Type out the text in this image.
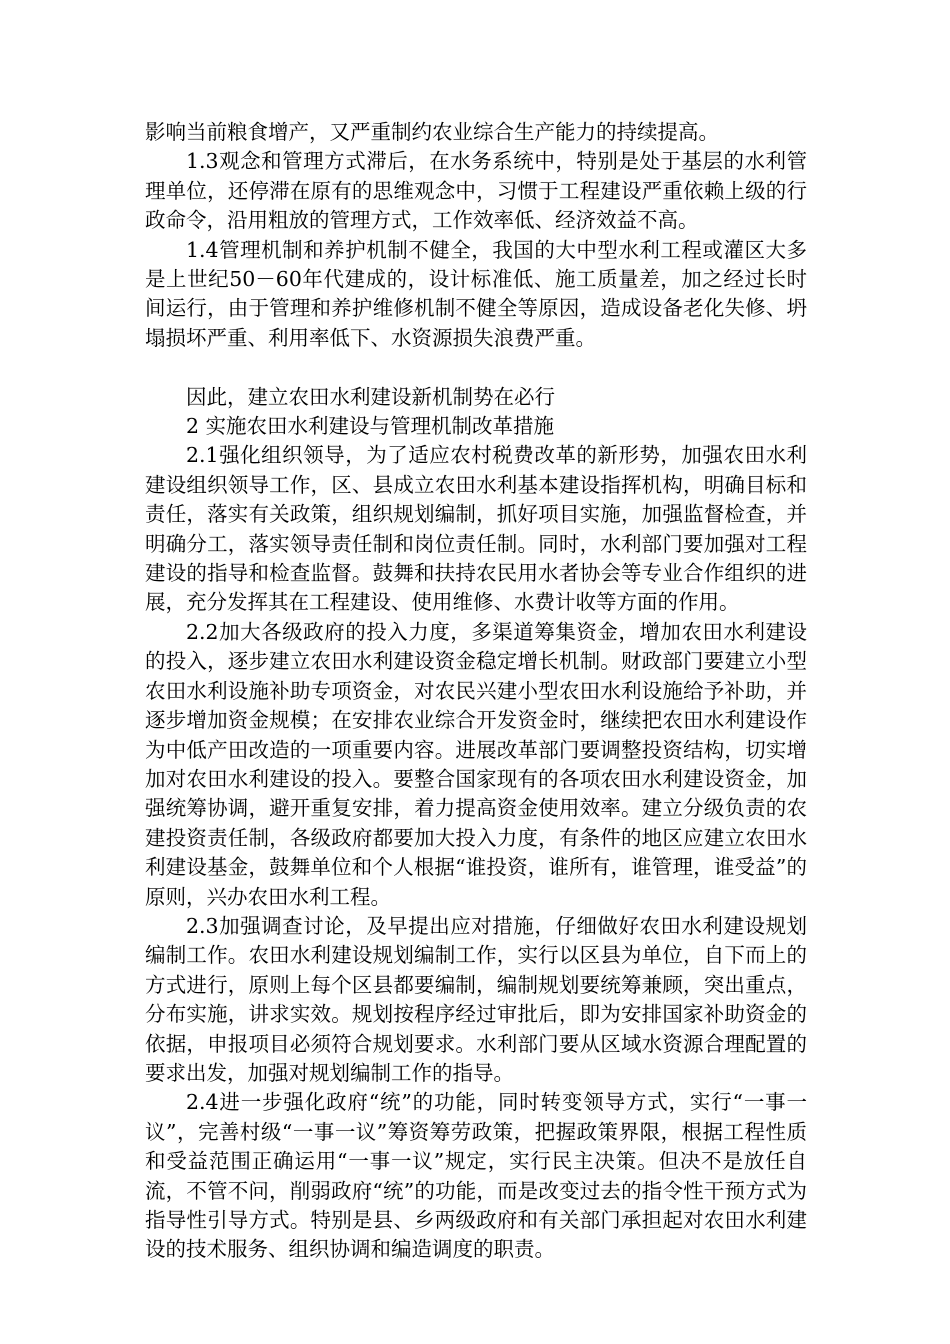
影响当前粮食增产，又严重制约农业综合生产能力的持续提高。

1.3观念和管理方式滞后，在水务系统中，特别是处于基层的水利管理单位，还停滞在原有的思维观念中，习惯于工程建设严重依赖上级的行政命令，沿用粗放的管理方式，工作效率低、经济效益不高。

1.4管理机制和养护机制不健全，我国的大中型水利工程或灌区大多是上世纪50－60年代建成的，设计标准低、施工质量差，加之经过长时间运行，由于管理和养护维修机制不健全等原因，造成设备老化失修、坍塌损坏严重、利用率低下、水资源损失浪费严重。

因此，建立农田水利建设新机制势在必行

2 实施农田水利建设与管理机制改革措施

2.1强化组织领导，为了适应农村税费改革的新形势，加强农田水利建设组织领导工作，区、县成立农田水利基本建设指挥机构，明确目标和责任，落实有关政策，组织规划编制，抓好项目实施，加强监督检查，并明确分工，落实领导责任制和岗位责任制。同时，水利部门要加强对工程建设的指导和检查监督。鼓舞和扶持农民用水者协会等专业合作组织的进展，充分发挥其在工程建设、使用维修、水费计收等方面的作用。

2.2加大各级政府的投入力度，多渠道筹集资金，增加农田水利建设的投入，逐步建立农田水利建设资金稳定增长机制。财政部门要建立小型农田水利设施补助专项资金，对农民兴建小型农田水利设施给予补助，并逐步增加资金规模；在安排农业综合开发资金时，继续把农田水利建设作为中低产田改造的一项重要内容。进展改革部门要调整投资结构，切实增加对农田水利建设的投入。要整合国家现有的各项农田水利建设资金，加强统筹协调，避开重复安排，着力提高资金使用效率。建立分级负责的农建投资责任制，各级政府都要加大投入力度，有条件的地区应建立农田水利建设基金，鼓舞单位和个人根据“谁投资，谁所有，谁管理，谁受益”的原则，兴办农田水利工程。

2.3加强调查讨论，及早提出应对措施，仔细做好农田水利建设规划编制工作。农田水利建设规划编制工作，实行以区县为单位，自下而上的方式进行，原则上每个区县都要编制，编制规划要统筹兼顾，突出重点，分布实施，讲求实效。规划按程序经过审批后，即为安排国家补助资金的依据，申报项目必须符合规划要求。水利部门要从区域水资源合理配置的要求出发，加强对规划编制工作的指导。

2.4进一步强化政府“统”的功能，同时转变领导方式，实行“一事一议”，完善村级“一事一议”筹资筹劳政策，把握政策界限，根据工程性质和受益范围正确运用“一事一议”规定，实行民主决策。但决不是放任自流，不管不问，削弱政府“统”的功能，而是改变过去的指令性干预方式为指导性引导方式。特别是县、乡两级政府和有关部门承担起对农田水利建设的技术服务、组织协调和编造调度的职责。
